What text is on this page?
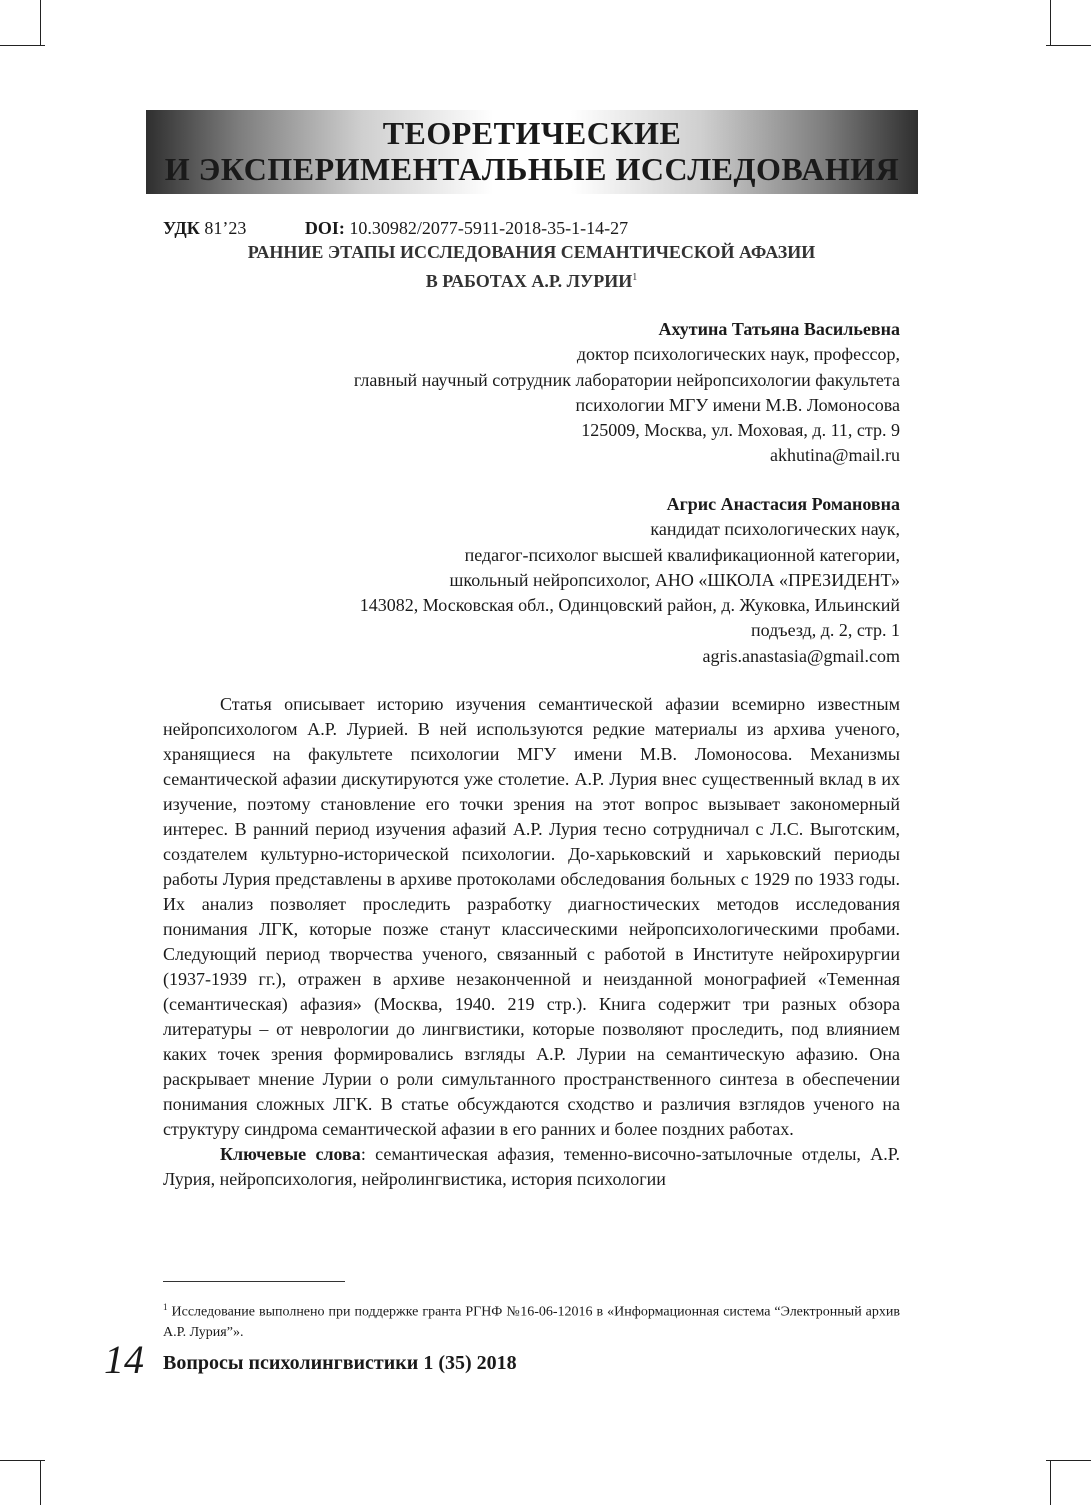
ТЕОРЕТИЧЕСКИЕ
И ЭКСПЕРИМЕНТАЛЬНЫЕ ИССЛЕДОВАНИЯ
УДК 81’23	DOI: 10.30982/2077-5911-2018-35-1-14-27
РАННИЕ ЭТАПЫ ИССЛЕДОВАНИЯ СЕМАНТИЧЕСКОЙ АФАЗИИ
В РАБОТАХ А.Р. ЛУРИИ$^1$
Ахутина Татьяна Васильевна
доктор психологических наук, профессор,
главный научный сотрудник лаборатории нейропсихологии факультета
психологии МГУ имени М.В. Ломоносова
125009, Москва, ул. Моховая, д. 11, стр. 9
akhutina@mail.ru
Агрис Анастасия Романовна
кандидат психологических наук,
педагог-психолог высшей квалификационной категории,
школьный нейропсихолог, АНО «ШКОЛА «ПРЕЗИДЕНТ»
143082, Московская обл., Одинцовский район, д. Жуковка, Ильинский
подъезд, д. 2, стр. 1
agris.anastasia@gmail.com

Статья описывает историю изучения семантической афазии всемирно известным нейропсихологом А.Р. Лурией. В ней используются редкие материалы из архива ученого, хранящиеся на факультете психологии МГУ имени М.В. Ломоносова. Механизмы семантической афазии дискутируются уже столетие. А.Р. Лурия внес существенный вклад в их изучение, поэтому становление его точки зрения на этот вопрос вызывает закономерный интерес. В ранний период изучения афазий А.Р. Лурия тесно сотрудничал с Л.С. Выготским, создателем культурно-исторической психологии. До-харьковский и харьковский периоды работы Лурия представлены в архиве протоколами обследования больных с 1929 по 1933 годы. Их анализ позволяет проследить разработку диагностических методов исследования понимания ЛГК, которые позже станут классическими нейропсихологическими пробами. Следующий период творчества ученого, связанный с работой в Институте нейрохирургии (1937-1939 гг.), отражен в архиве незаконченной и неизданной монографией «Теменная (семантическая) афазия» (Москва, 1940. 219 стр.). Книга содержит три разных обзора литературы – от неврологии до лингвистики, которые позволяют проследить, под влиянием каких точек зрения формировались взгляды А.Р. Лурии на семантическую афазию. Она раскрывает мнение Лурии о роли симультанного пространственного синтеза в обеспечении понимания сложных ЛГК. В статье обсуждаются сходство и различия взглядов ученого на структуру синдрома семантической афазии в его ранних и более поздних работах.

Ключевые слова: семантическая афазия, теменно-височно-затылочные отделы, А.Р. Лурия, нейропсихология, нейролингвистика, история психологии

$^1$ Исследование выполнено при поддержке гранта РГНФ №16-06-12016 в «Информационная система “Электронный архив А.Р. Лурия”».
14 Вопросы психолингвистики 1 (35) 2018
